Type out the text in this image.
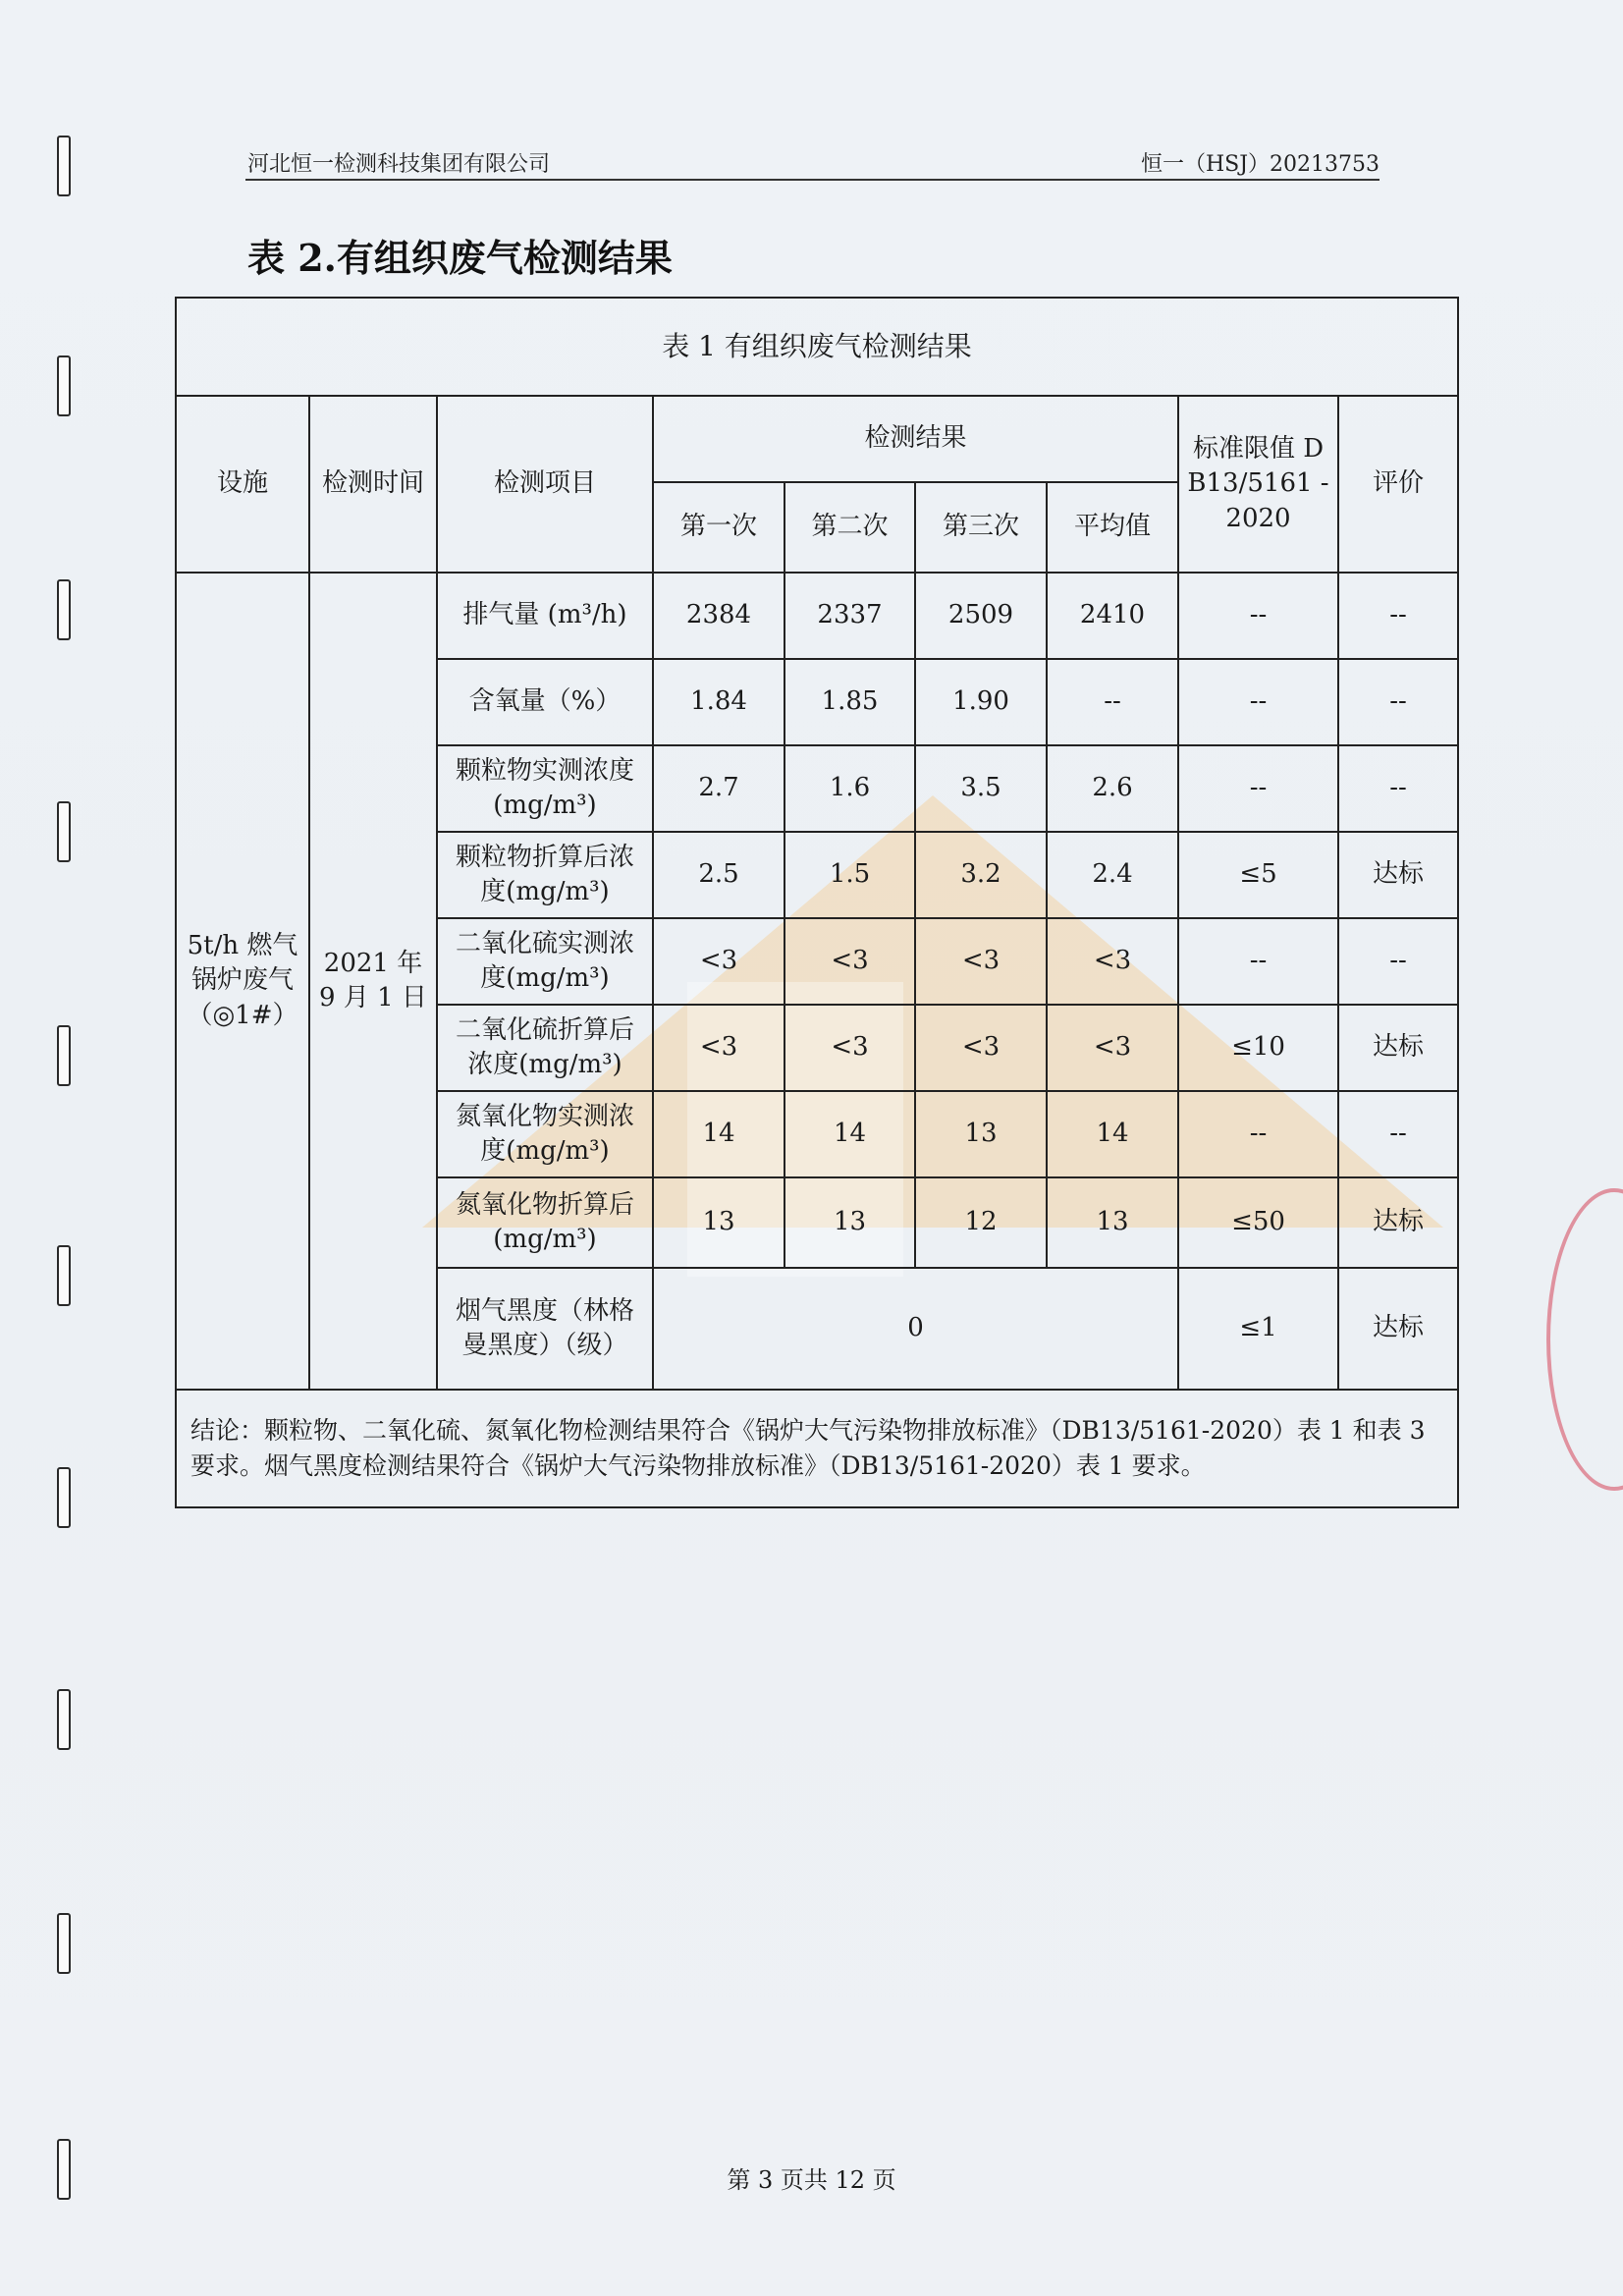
河北恒一检测科技集团有限公司	恒一（HSJ）20213753
表 2.有组织废气检测结果
表 1 有组织废气检测结果								
设施	检测时间	检测项目	检测结果				标准限值 DB13/5161 -2020	评价
			第一次	第二次	第三次	平均值		
5t/h 燃气锅炉废气（◎1#）	2021 年 9 月 1 日	排气量 (m³/h)	2384	2337	2509	2410	--	--
		含氧量（%）	1.84	1.85	1.90	--	--	--
		颗粒物实测浓度(mg/m³)	2.7	1.6	3.5	2.6	--	--
		颗粒物折算后浓度(mg/m³)	2.5	1.5	3.2	2.4	≤5	达标
		二氧化硫实测浓度(mg/m³)	<3	<3	<3	<3	--	--
		二氧化硫折算后浓度(mg/m³)	<3	<3	<3	<3	≤10	达标
		氮氧化物实测浓度(mg/m³)	14	14	13	14	--	--
		氮氧化物折算后(mg/m³)	13	13	12	13	≤50	达标
		烟气黑度（林格曼黑度）（级）	0				≤1	达标
结论：颗粒物、二氧化硫、氮氧化物检测结果符合《锅炉大气污染物排放标准》（DB13/5161-2020）表 1 和表 3 要求。烟气黑度检测结果符合《锅炉大气污染物排放标准》（DB13/5161-2020）表 1 要求。								
第 3 页共 12 页
